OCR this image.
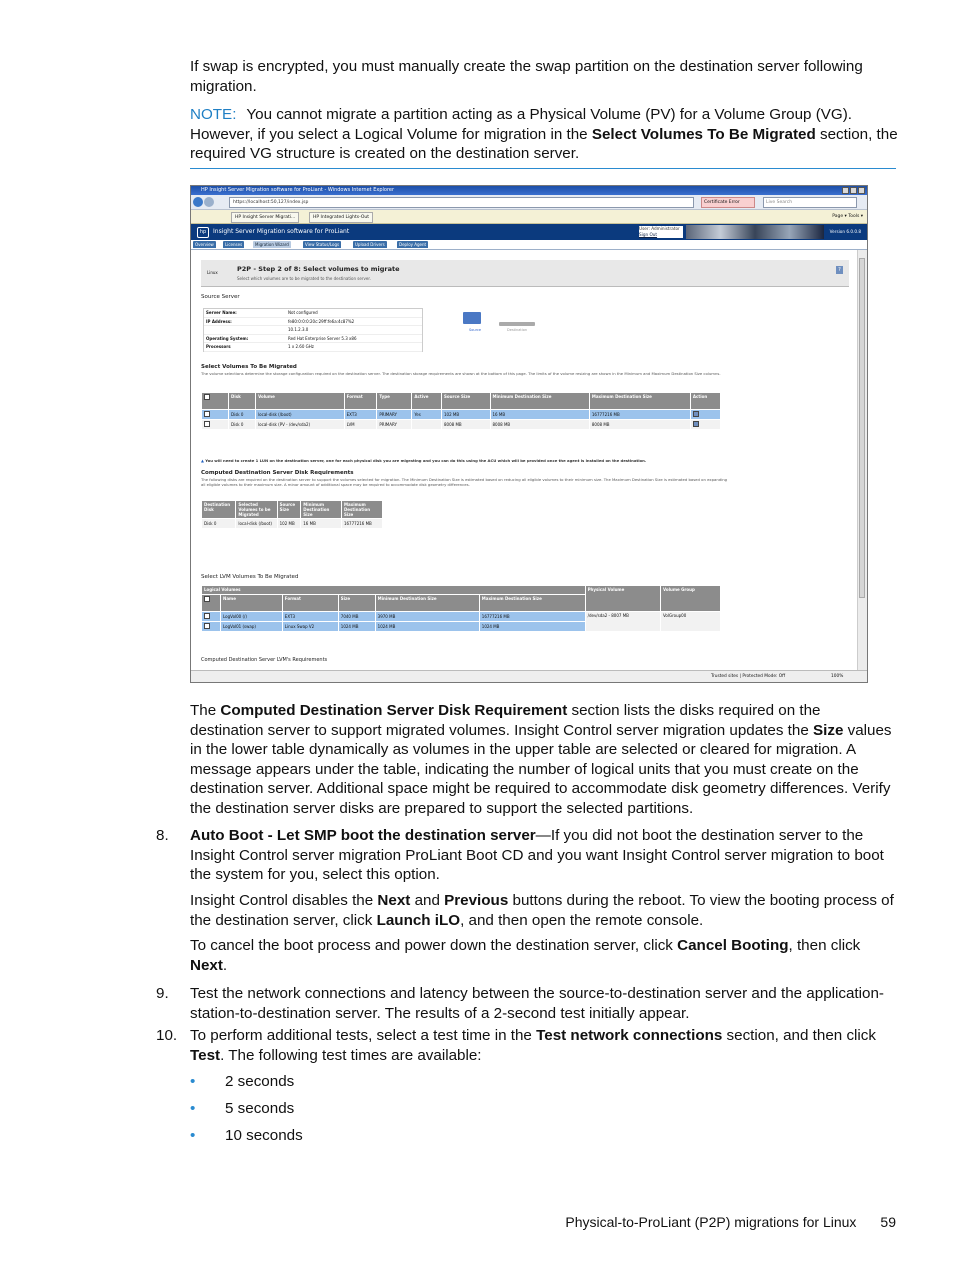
If swap is encrypted, you must manually create the swap partition on the destination server following migration.

NOTE: You cannot migrate a partition acting as a Physical Volume (PV) for a Volume Group (VG). However, if you select a Logical Volume for migration in the Select Volumes To Be Migrated section, the required VG structure is created on the destination server.

HP Insight Server Migration software for ProLiant - Windows Internet Explorer
https://localhost:50,127/index.jsp	Certificate Error	Live Search
HP Insight Server Migrati...	HP Integrated Lights-Out	Page ▾ Tools ▾
hp	Insight Server Migration software for ProLiant	User: Administrator
Sign Out	Version 6.0.0.8
Overview	Licenses	Migration Wizard	View Status/Logs	Upload Drivers	Deploy Agent
Linux	P2P - Step 2 of 8: Select volumes to migrate
Select which volumes are to be migrated to the destination server.
?
Source Server
Server Name:	Not configured
IP Address:	fe80:0:0:0:20c:29ff:fe6a:4c87%2
10.1.2.3.0
Operating System:	Red Hat Enterprise Server 5.3 x86
Processors	1 x 2.60 GHz
Source	Destination
Select Volumes To Be Migrated
The volume selections determine the storage configuration required on the destination server. The destination storage requirements are shown at the bottom of this page. The limits of the volume resizing are shown in the Minimum and Maximum Destination Size columns.
	Disk	Volume	Format	Type	Active	Source Size	Minimum Destination Size	Maximum Destination Size	Action
	Disk 0	local-disk (/boot)	EXT3	PRIMARY	Yes	102 MB	16 MB	16777216 MB	
	Disk 0	local-disk (PV - /dev/sda2)	LVM	PRIMARY		8008 MB	8008 MB	8008 MB	
▲ You will need to create 1 LUN on the destination server, one for each physical disk you are migrating and you can do this using the ACU which will be provided once the agent is installed on the destination.
Computed Destination Server Disk Requirements
The following disks are required on the destination server to support the volumes selected for migration. The Minimum Destination Size is estimated based on reducing all eligible volumes to their minimum size. The Maximum Destination Size is estimated based on expanding all eligible volumes to their maximum size. A minor amount of additional space may be required to accommodate disk geometry differences.
Destination Disk	Selected Volumes to be Migrated	Source Size	Minimum Destination Size	Maximum Destination Size
Disk 0	local-disk (/boot)	102 MB	16 MB	16777216 MB
Select LVM Volumes To Be Migrated
Logical Volumes						Physical Volume	Volume Group
	Name	Format	Size	Minimum Destination Size	Maximum Destination Size		
	LogVol00 (/)	EXT3	7040 MB	3970 MB	16777216 MB	/dev/sda2 - 8007 MB	VolGroup00
	LogVol01 (swap)	Linux Swap V2	1024 MB	1024 MB	1024 MB		
Computed Destination Server LVM's Requirements
Trusted sites | Protected Mode: Off	100%

The Computed Destination Server Disk Requirement section lists the disks required on the destination server to support migrated volumes. Insight Control server migration updates the Size values in the lower table dynamically as volumes in the upper table are selected or cleared for migration. A message appears under the table, indicating the number of logical units that you must create on the destination server. Additional space might be required to accommodate disk geometry differences. Verify the destination server disks are prepared to support the selected partitions.

8. Auto Boot - Let SMP boot the destination server—If you did not boot the destination server to the Insight Control server migration ProLiant Boot CD and you want Insight Control server migration to boot the system for you, select this option.

Insight Control disables the Next and Previous buttons during the reboot. To view the booting process of the destination server, click Launch iLO, and then open the remote console.

To cancel the boot process and power down the destination server, click Cancel Booting, then click Next.

9. Test the network connections and latency between the source-to-destination server and the application-station-to-destination server. The results of a 2-second test initially appear.

10. To perform additional tests, select a test time in the Test network connections section, and then click Test. The following test times are available:

• 2 seconds
• 5 seconds
• 10 seconds
Physical-to-ProLiant (P2P) migrations for Linux 59
